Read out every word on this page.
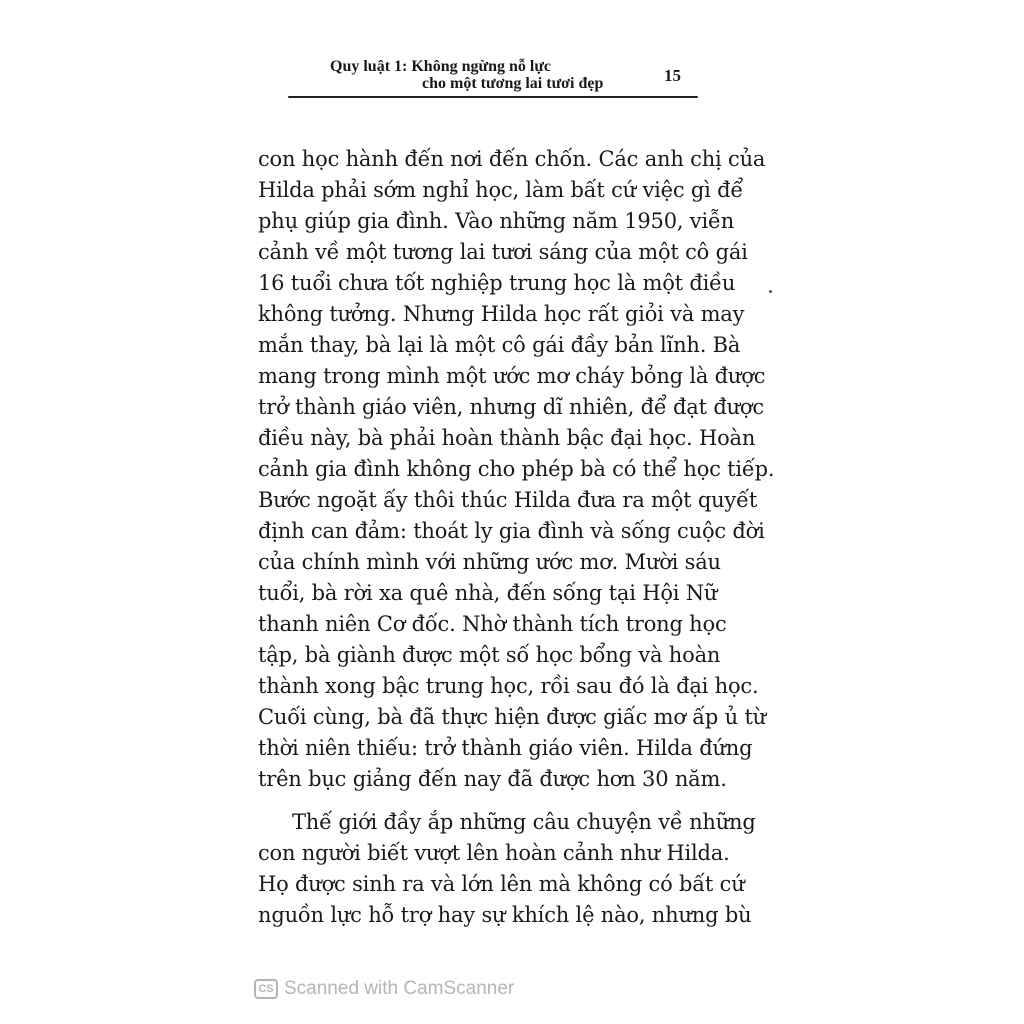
Quy luật 1: Không ngừng nỗ lực
cho một tương lai tươi đẹp	15
con học hành đến nơi đến chốn. Các anh chị của
Hilda phải sớm nghỉ học, làm bất cứ việc gì để
phụ giúp gia đình. Vào những năm 1950, viễn
cảnh về một tương lai tươi sáng của một cô gái
16 tuổi chưa tốt nghiệp trung học là một điều
không tưởng. Nhưng Hilda học rất giỏi và may
mắn thay, bà lại là một cô gái đầy bản lĩnh. Bà
mang trong mình một ước mơ cháy bỏng là được
trở thành giáo viên, nhưng dĩ nhiên, để đạt được
điều này, bà phải hoàn thành bậc đại học. Hoàn
cảnh gia đình không cho phép bà có thể học tiếp.
Bước ngoặt ấy thôi thúc Hilda đưa ra một quyết
định can đảm: thoát ly gia đình và sống cuộc đời
của chính mình với những ước mơ. Mười sáu
tuổi, bà rời xa quê nhà, đến sống tại Hội Nữ
thanh niên Cơ đốc. Nhờ thành tích trong học
tập, bà giành được một số học bổng và hoàn
thành xong bậc trung học, rồi sau đó là đại học.
Cuối cùng, bà đã thực hiện được giấc mơ ấp ủ từ
thời niên thiếu: trở thành giáo viên. Hilda đứng
trên bục giảng đến nay đã được hơn 30 năm.
Thế giới đầy ắp những câu chuyện về những
con người biết vượt lên hoàn cảnh như Hilda.
Họ được sinh ra và lớn lên mà không có bất cứ
nguồn lực hỗ trợ hay sự khích lệ nào, nhưng bù
CS Scanned with CamScanner
